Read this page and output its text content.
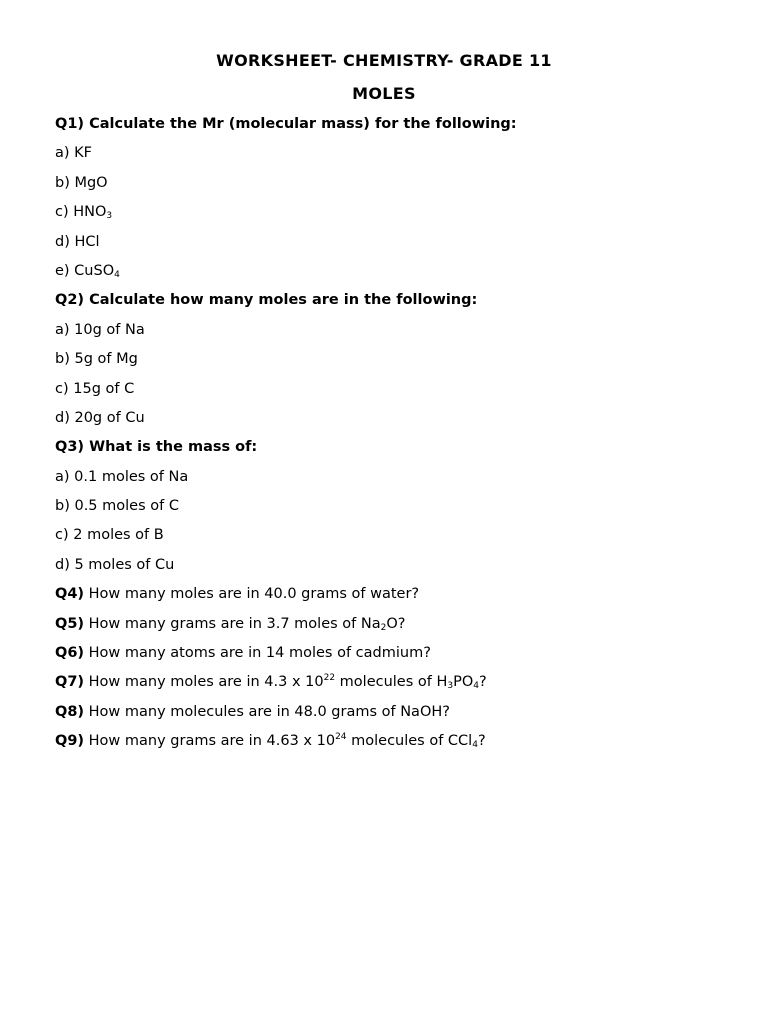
WORKSHEET- CHEMISTRY- GRADE 11
MOLES
Q1) Calculate the Mr (molecular mass) for the following:
a) KF
b) MgO
c) $HNO_3$
d) HCl
e) CuSO$_4$
Q2) Calculate how many moles are in the following:
a) 10g of Na
b) 5g of Mg
c) 15g of C
d) 20g of Cu
Q3) What is the mass of:
a) 0.1 moles of Na
b) 0.5 moles of C
c) 2 moles of B
d) 5 moles of Cu
Q4) How many moles are in 40.0 grams of water?
Q5) How many grams are in 3.7 moles of $Na_2O$?
Q6) How many atoms are in 14 moles of cadmium?
Q7) How many moles are in 4.3 x $10^{22}$ molecules of $H_3PO_4$?
Q8) How many molecules are in 48.0 grams of NaOH?
Q9) How many grams are in 4.63 x $10^{24}$ molecules of CCl$_4$?
